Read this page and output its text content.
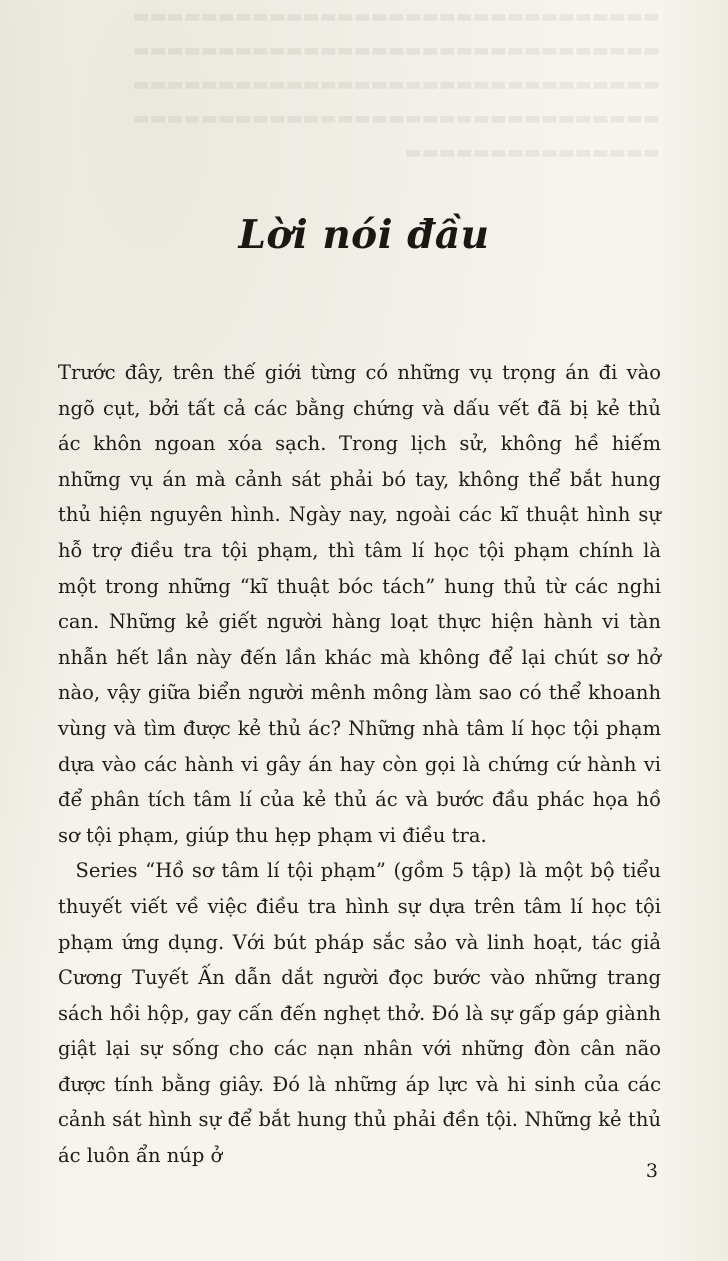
▬▬▬▬▬▬▬▬▬▬▬▬▬▬▬▬▬▬▬▬▬▬▬▬▬▬▬▬▬▬▬
▬▬▬▬▬▬▬▬▬▬▬▬▬▬▬▬▬▬▬▬▬▬▬▬▬▬▬▬▬▬▬
▬▬▬▬▬▬▬▬▬▬▬▬▬▬▬▬▬▬▬▬▬▬▬▬▬▬▬▬▬▬▬
▬▬▬▬▬▬▬▬▬▬▬▬▬▬▬▬▬▬▬▬▬▬▬▬▬▬▬▬▬▬▬
▬▬▬▬▬▬▬▬▬▬▬▬▬▬▬
Lời nói đầu

Trước đây, trên thế giới từng có những vụ trọng án đi vào ngõ cụt, bởi tất cả các bằng chứng và dấu vết đã bị kẻ thủ ác khôn ngoan xóa sạch. Trong lịch sử, không hề hiếm những vụ án mà cảnh sát phải bó tay, không thể bắt hung thủ hiện nguyên hình. Ngày nay, ngoài các kĩ thuật hình sự hỗ trợ điều tra tội phạm, thì tâm lí học tội phạm chính là một trong những “kĩ thuật bóc tách” hung thủ từ các nghi can. Những kẻ giết người hàng loạt thực hiện hành vi tàn nhẫn hết lần này đến lần khác mà không để lại chút sơ hở nào, vậy giữa biển người mênh mông làm sao có thể khoanh vùng và tìm được kẻ thủ ác? Những nhà tâm lí học tội phạm dựa vào các hành vi gây án hay còn gọi là chứng cứ hành vi để phân tích tâm lí của kẻ thủ ác và bước đầu phác họa hồ sơ tội phạm, giúp thu hẹp phạm vi điều tra.

Series “Hồ sơ tâm lí tội phạm” (gồm 5 tập) là một bộ tiểu thuyết viết về việc điều tra hình sự dựa trên tâm lí học tội phạm ứng dụng. Với bút pháp sắc sảo và linh hoạt, tác giả Cương Tuyết Ấn dẫn dắt người đọc bước vào những trang sách hồi hộp, gay cấn đến nghẹt thở. Đó là sự gấp gáp giành giật lại sự sống cho các nạn nhân với những đòn cân não được tính bằng giây. Đó là những áp lực và hi sinh của các cảnh sát hình sự để bắt hung thủ phải đền tội. Những kẻ thủ ác luôn ẩn núp ở

3
